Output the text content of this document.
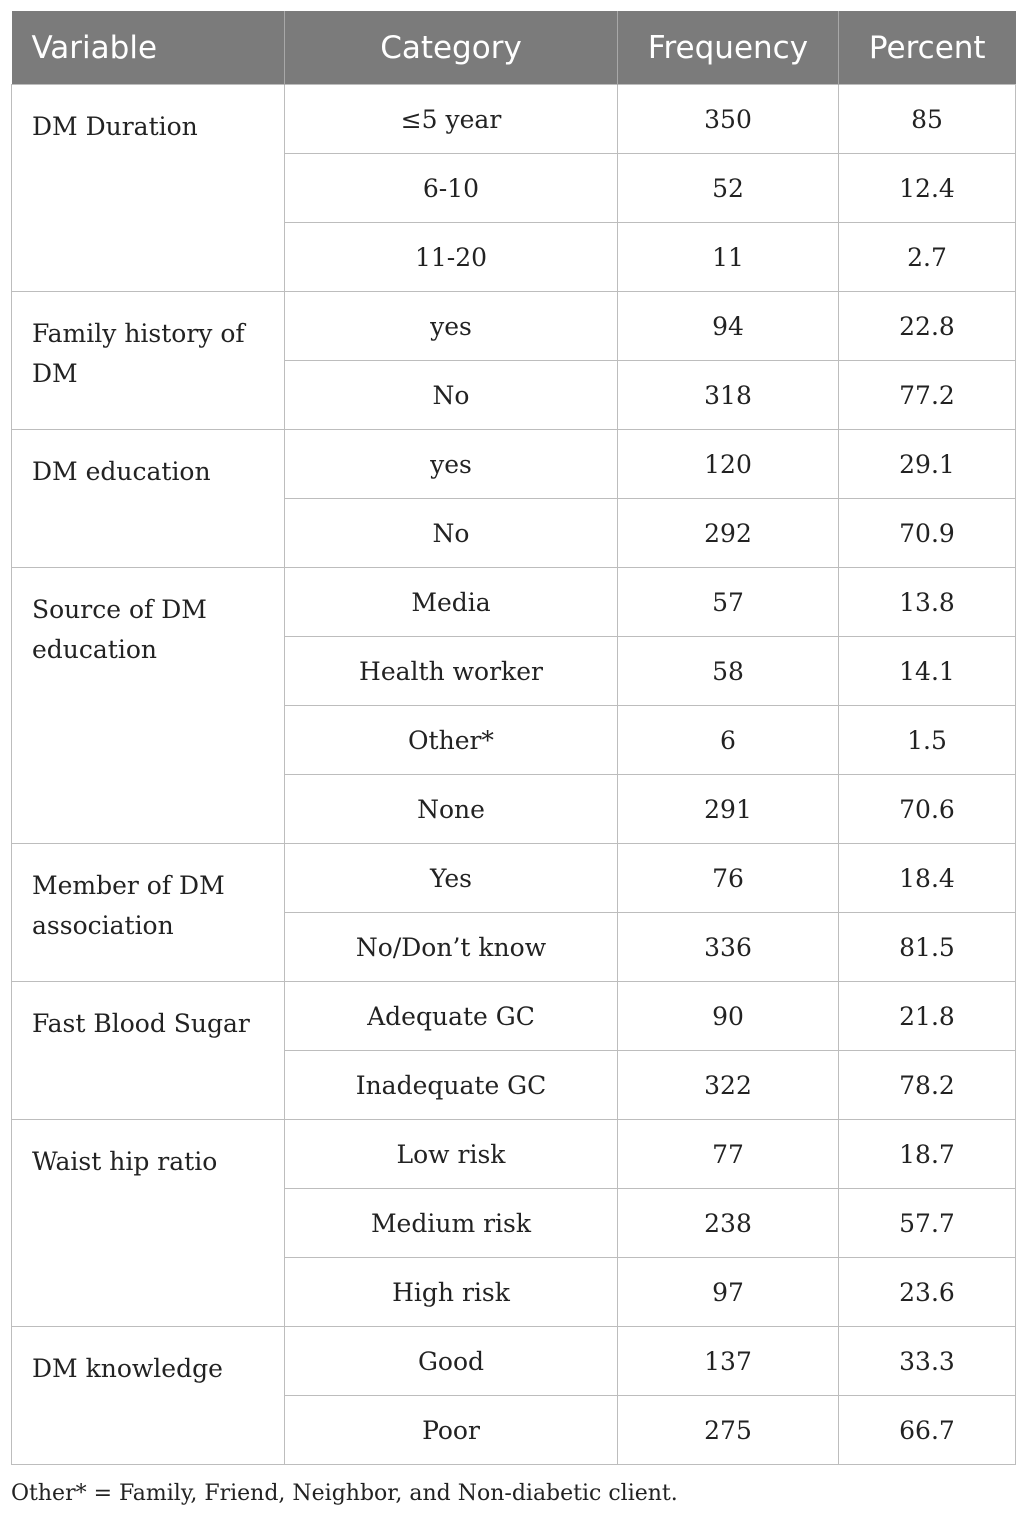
Variable	Category	Frequency	Percent
DM Duration	≤5 year	350	85
	6-10	52	12.4
	11-20	11	2.7
Family history of DM	yes	94	22.8
	No	318	77.2
DM education	yes	120	29.1
	No	292	70.9
Source of DM education	Media	57	13.8
	Health worker	58	14.1
	Other*	6	1.5
	None	291	70.6
Member of DM association	Yes	76	18.4
	No/Don’t know	336	81.5
Fast Blood Sugar	Adequate GC	90	21.8
	Inadequate GC	322	78.2
Waist hip ratio	Low risk	77	18.7
	Medium risk	238	57.7
	High risk	97	23.6
DM knowledge	Good	137	33.3
	Poor	275	66.7
Other* = Family, Friend, Neighbor, and Non-diabetic client.
